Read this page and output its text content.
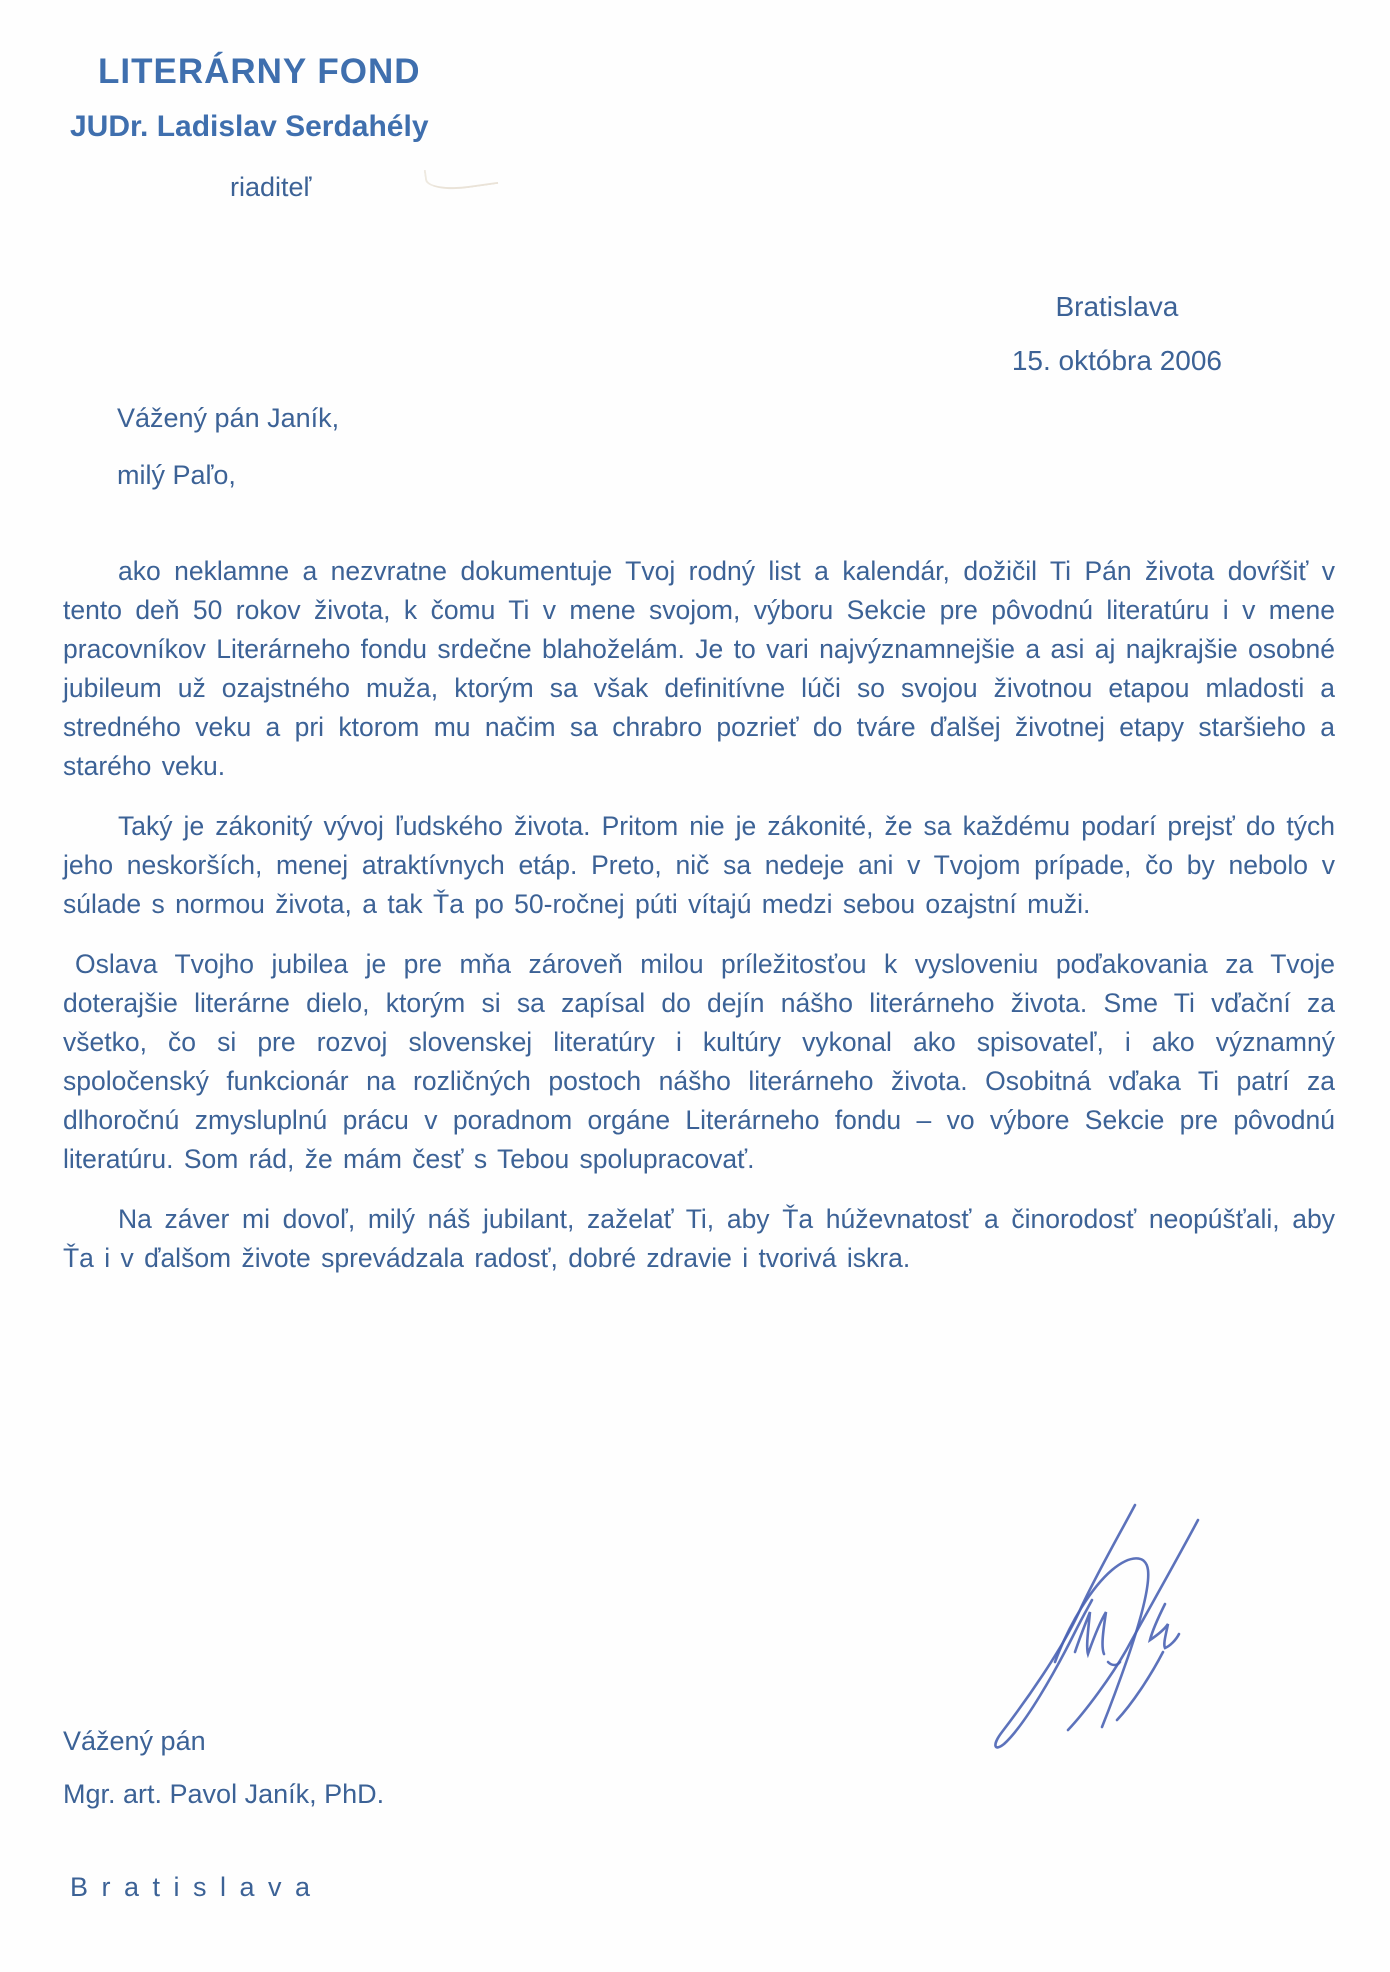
LITERÁRNY FOND
JUDr. Ladislav Serdahély
riaditeľ
Bratislava
15. októbra 2006
Vážený pán Janík,
milý Paľo,

ako neklamne a nezvratne dokumentuje Tvoj rodný list a kalendár, dožičil Ti Pán života dovŕšiť v tento deň 50 rokov života, k čomu Ti v mene svojom, výboru Sekcie pre pôvodnú literatúru i v mene pracovníkov Literárneho fondu srdečne blahoželám. Je to vari najvýznamnejšie a asi aj najkrajšie osobné jubileum už ozajstného muža, ktorým sa však definitívne lúči so svojou životnou etapou mladosti a stredného veku a pri ktorom mu načim sa chrabro pozrieť do tváre ďalšej životnej etapy staršieho a starého veku.

Taký je zákonitý vývoj ľudského života. Pritom nie je zákonité, že sa každému podarí prejsť do tých jeho neskorších, menej atraktívnych etáp. Preto, nič sa nedeje ani v Tvojom prípade, čo by nebolo v súlade s normou života, a tak Ťa po 50-ročnej púti vítajú medzi sebou ozajstní muži.

Oslava Tvojho jubilea je pre mňa zároveň milou príležitosťou k vysloveniu poďakovania za Tvoje doterajšie literárne dielo, ktorým si sa zapísal do dejín nášho literárneho života. Sme Ti vďační za všetko, čo si pre rozvoj slovenskej literatúry i kultúry vykonal ako spisovateľ, i ako významný spoločenský funkcionár na rozličných postoch nášho literárneho života. Osobitná vďaka Ti patrí za dlhoročnú zmysluplnú prácu v poradnom orgáne Literárneho fondu – vo výbore Sekcie pre pôvodnú literatúru. Som rád, že mám česť s Tebou spolupracovať.

Na záver mi dovoľ, milý náš jubilant, zaželať Ti, aby Ťa húževnatosť a činorodosť neopúšťali, aby Ťa i v ďalšom živote sprevádzala radosť, dobré zdravie i tvorivá iskra.

Vážený pán
Mgr. art. Pavol Janík, PhD.
B r a t i s l a v a
